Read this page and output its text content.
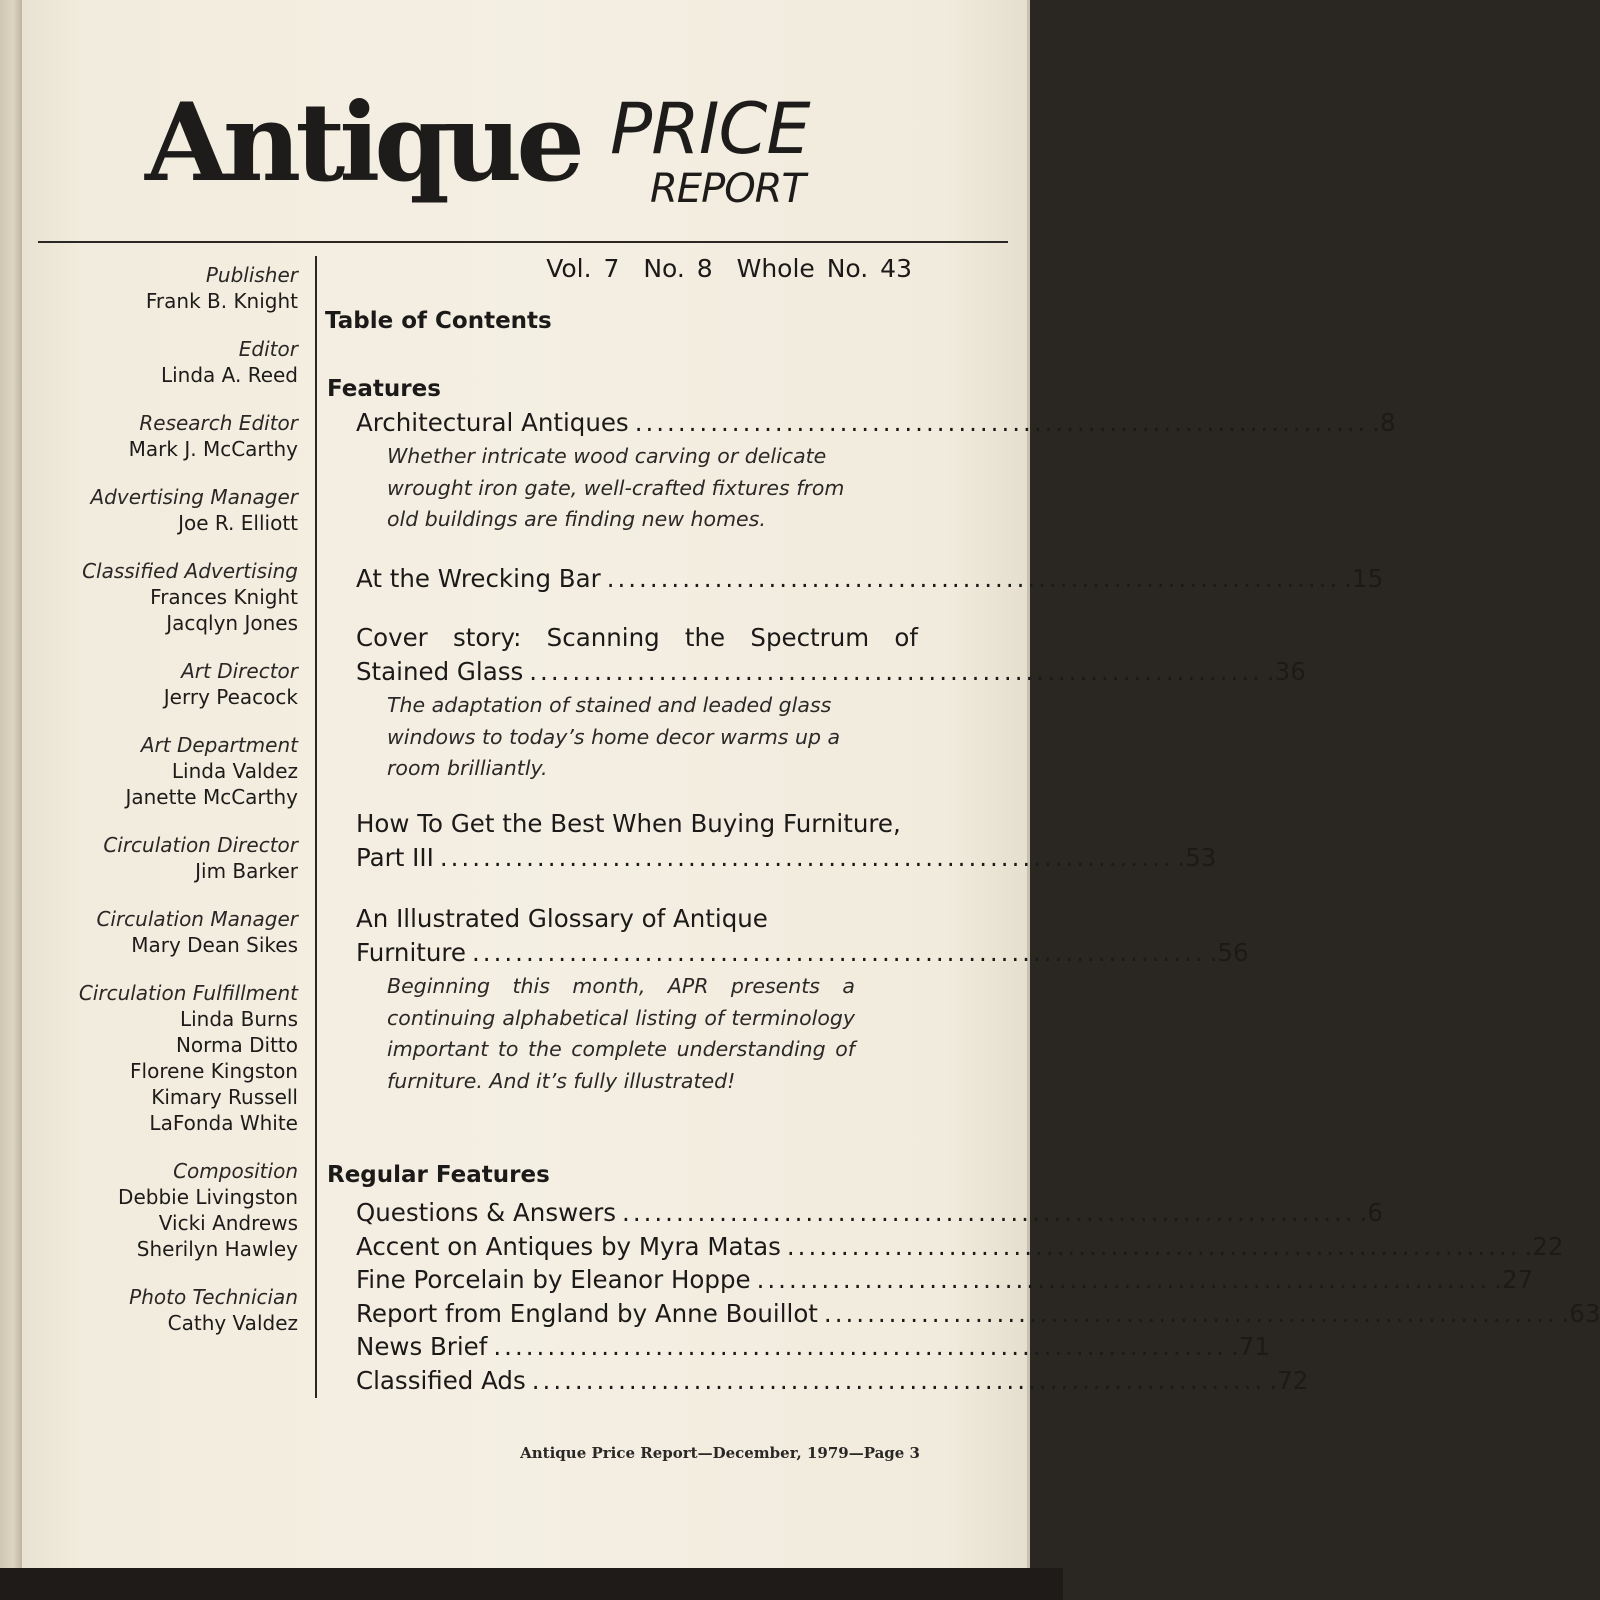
Antique PRICE
REPORT
Publisher
Frank B. Knight
Editor
Linda A. Reed
Research Editor
Mark J. McCarthy
Advertising Manager
Joe R. Elliott
Classified Advertising
Frances Knight
Jacqlyn Jones
Art Director
Jerry Peacock
Art Department
Linda Valdez
Janette McCarthy
Circulation Director
Jim Barker
Circulation Manager
Mary Dean Sikes
Circulation Fulfillment
Linda Burns
Norma Ditto
Florene Kingston
Kimary Russell
LaFonda White
Composition
Debbie Livingston
Vicki Andrews
Sherilyn Hawley
Photo Technician
Cathy Valdez
Vol. 7 No. 8 Whole No. 43
Table of Contents
Features
Architectural Antiques .................................................................... .8
Whether intricate wood carving or delicate wrought iron gate, well-crafted fixtures from old buildings are finding new homes.
At the Wrecking Bar .................................................................... .15
Cover story: Scanning the Spectrum of
Stained Glass .................................................................... .36
The adaptation of stained and leaded glass windows to today’s home decor warms up a room brilliantly.
How To Get the Best When Buying Furniture,
Part III .................................................................... .53
An Illustrated Glossary of Antique
Furniture .................................................................... .56
Beginning this month, APR presents a continuing alphabetical listing of terminology important to the complete understanding of furniture. And it’s fully illustrated!
Regular Features
Questions & Answers .................................................................... .6
Accent on Antiques by Myra Matas .................................................................... .22
Fine Porcelain by Eleanor Hoppe .................................................................... .27
Report from England by Anne Bouillot .................................................................... .63
News Brief .................................................................... .71
Classified Ads .................................................................... .72
Antique Price Report—December, 1979—Page 3
